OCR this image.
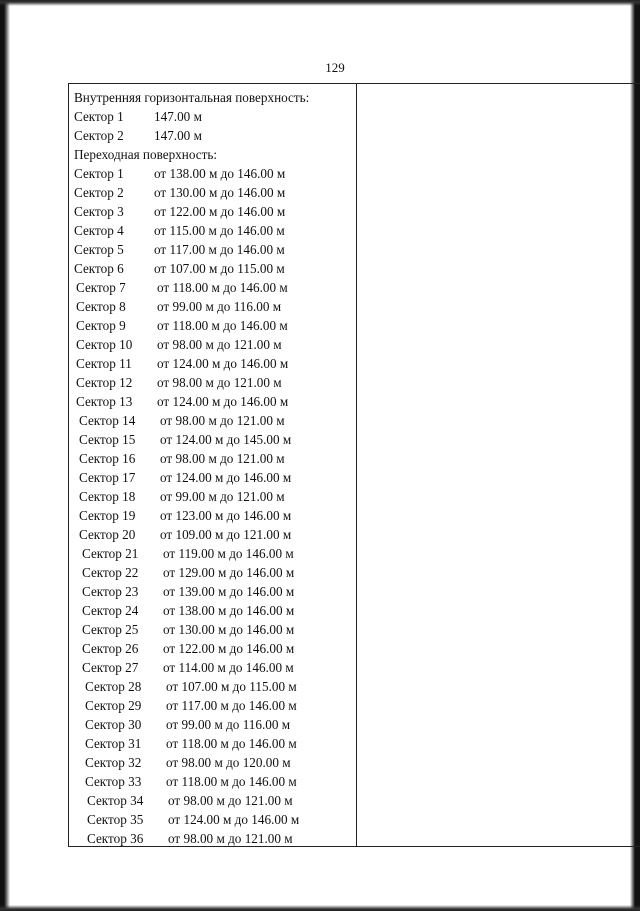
129
Внутренняя горизонтальная поверхность:
Сектор 1 147.00 м
Сектор 2 147.00 м
Переходная поверхность:
Сектор 1 от 138.00 м до 146.00 м
Сектор 2 от 130.00 м до 146.00 м
Сектор 3 от 122.00 м до 146.00 м
Сектор 4 от 115.00 м до 146.00 м
Сектор 5 от 117.00 м до 146.00 м
Сектор 6 от 107.00 м до 115.00 м
Сектор 7 от 118.00 м до 146.00 м
Сектор 8 от 99.00 м до 116.00 м
Сектор 9 от 118.00 м до 146.00 м
Сектор 10 от 98.00 м до 121.00 м
Сектор 11 от 124.00 м до 146.00 м
Сектор 12 от 98.00 м до 121.00 м
Сектор 13 от 124.00 м до 146.00 м
Сектор 14 от 98.00 м до 121.00 м
Сектор 15 от 124.00 м до 145.00 м
Сектор 16 от 98.00 м до 121.00 м
Сектор 17 от 124.00 м до 146.00 м
Сектор 18 от 99.00 м до 121.00 м
Сектор 19 от 123.00 м до 146.00 м
Сектор 20 от 109.00 м до 121.00 м
Сектор 21 от 119.00 м до 146.00 м
Сектор 22 от 129.00 м до 146.00 м
Сектор 23 от 139.00 м до 146.00 м
Сектор 24 от 138.00 м до 146.00 м
Сектор 25 от 130.00 м до 146.00 м
Сектор 26 от 122.00 м до 146.00 м
Сектор 27 от 114.00 м до 146.00 м
Сектор 28 от 107.00 м до 115.00 м
Сектор 29 от 117.00 м до 146.00 м
Сектор 30 от 99.00 м до 116.00 м
Сектор 31 от 118.00 м до 146.00 м
Сектор 32 от 98.00 м до 120.00 м
Сектор 33 от 118.00 м до 146.00 м
Сектор 34 от 98.00 м до 121.00 м
Сектор 35 от 124.00 м до 146.00 м
Сектор 36 от 98.00 м до 121.00 м
